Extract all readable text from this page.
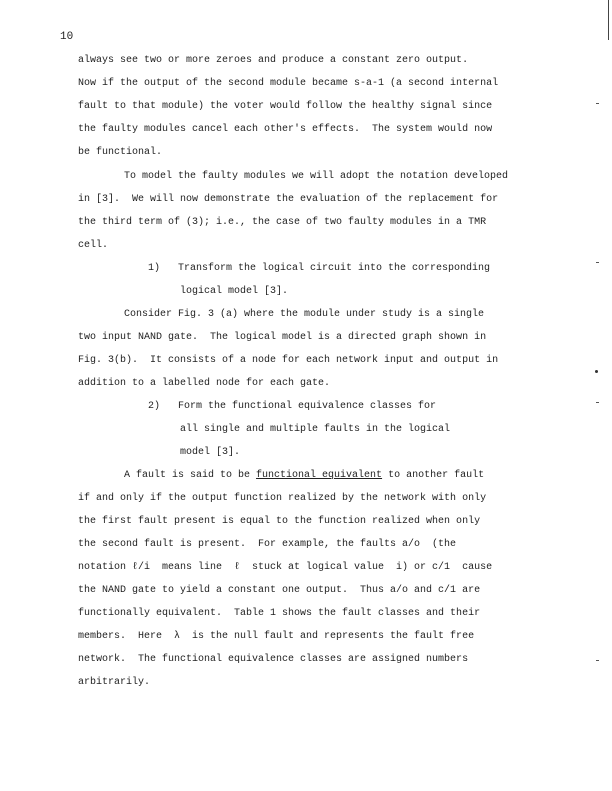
10
always see two or more zeroes and produce a constant zero output.
Now if the output of the second module became s-a-1 (a second internal
fault to that module) the voter would follow the healthy signal since
the faulty modules cancel each other's effects.  The system would now
be functional.
To model the faulty modules we will adopt the notation developed
in [3].  We will now demonstrate the evaluation of the replacement for
the third term of (3); i.e., the case of two faulty modules in a TMR
cell.
1)   Transform the logical circuit into the corresponding
logical model [3].
Consider Fig. 3 (a) where the module under study is a single
two input NAND gate.  The logical model is a directed graph shown in
Fig. 3(b).  It consists of a node for each network input and output in
addition to a labelled node for each gate.
2)   Form the functional equivalence classes for
all single and multiple faults in the logical
model [3].
A fault is said to be functional equivalent to another fault
if and only if the output function realized by the network with only
the first fault present is equal to the function realized when only
the second fault is present.  For example, the faults a/o  (the
notation ℓ/i  means line  ℓ  stuck at logical value  i) or c/1  cause
the NAND gate to yield a constant one output.  Thus a/o and c/1 are
functionally equivalent.  Table 1 shows the fault classes and their
members.  Here  λ  is the null fault and represents the fault free
network.  The functional equivalence classes are assigned numbers
arbitrarily.
